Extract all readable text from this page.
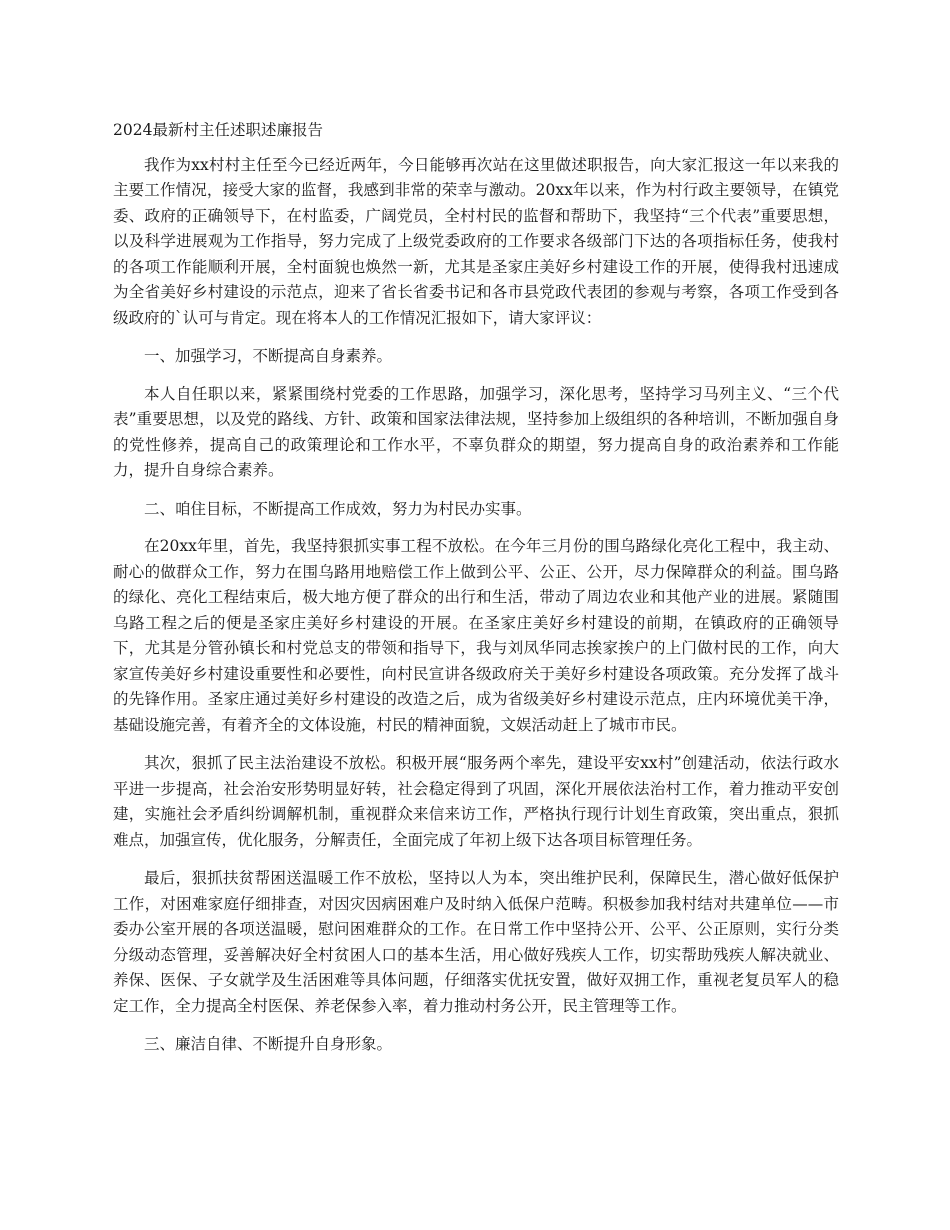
2024最新村主任述职述廉报告

我作为xx村村主任至今已经近两年，今日能够再次站在这里做述职报告，向大家汇报这一年以来我的主要工作情况，接受大家的监督，我感到非常的荣幸与激动。20xx年以来，作为村行政主要领导，在镇党委、政府的正确领导下，在村监委，广阔党员，全村村民的监督和帮助下，我坚持“三个代表”重要思想，以及科学进展观为工作指导，努力完成了上级党委政府的工作要求各级部门下达的各项指标任务，使我村的各项工作能顺利开展，全村面貌也焕然一新，尤其是圣家庄美好乡村建设工作的开展，使得我村迅速成为全省美好乡村建设的示范点，迎来了省长省委书记和各市县党政代表团的参观与考察，各项工作受到各级政府的`认可与肯定。现在将本人的工作情况汇报如下，请大家评议：

一、加强学习，不断提高自身素养。

本人自任职以来，紧紧围绕村党委的工作思路，加强学习，深化思考，坚持学习马列主义、“三个代表”重要思想，以及党的路线、方针、政策和国家法律法规，坚持参加上级组织的各种培训，不断加强自身的党性修养，提高自己的政策理论和工作水平，不辜负群众的期望，努力提高自身的政治素养和工作能力，提升自身综合素养。

二、咱住目标，不断提高工作成效，努力为村民办实事。

在20xx年里，首先，我坚持狠抓实事工程不放松。在今年三月份的围乌路绿化亮化工程中，我主动、耐心的做群众工作，努力在围乌路用地赔偿工作上做到公平、公正、公开，尽力保障群众的利益。围乌路的绿化、亮化工程结束后，极大地方便了群众的出行和生活，带动了周边农业和其他产业的进展。紧随围乌路工程之后的便是圣家庄美好乡村建设的开展。在圣家庄美好乡村建设的前期，在镇政府的正确领导下，尤其是分管孙镇长和村党总支的带领和指导下，我与刘凤华同志挨家挨户的上门做村民的工作，向大家宣传美好乡村建设重要性和必要性，向村民宣讲各级政府关于美好乡村建设各项政策。充分发挥了战斗的先锋作用。圣家庄通过美好乡村建设的改造之后，成为省级美好乡村建设示范点，庄内环境优美干净，基础设施完善，有着齐全的文体设施，村民的精神面貌，文娱活动赶上了城市市民。

其次，狠抓了民主法治建设不放松。积极开展“服务两个率先，建设平安xx村”创建活动，依法行政水平进一步提高，社会治安形势明显好转，社会稳定得到了巩固，深化开展依法治村工作，着力推动平安创建，实施社会矛盾纠纷调解机制，重视群众来信来访工作，严格执行现行计划生育政策，突出重点，狠抓难点，加强宣传，优化服务，分解责任，全面完成了年初上级下达各项目标管理任务。

最后，狠抓扶贫帮困送温暖工作不放松，坚持以人为本，突出维护民利，保障民生，潜心做好低保护工作，对困难家庭仔细排查，对因灾因病困难户及时纳入低保户范畴。积极参加我村结对共建单位——市委办公室开展的各项送温暖，慰问困难群众的工作。在日常工作中坚持公开、公平、公正原则，实行分类分级动态管理，妥善解决好全村贫困人口的基本生活，用心做好残疾人工作，切实帮助残疾人解决就业、养保、医保、子女就学及生活困难等具体问题，仔细落实优抚安置，做好双拥工作，重视老复员军人的稳定工作，全力提高全村医保、养老保参入率，着力推动村务公开，民主管理等工作。

三、廉洁自律、不断提升自身形象。
